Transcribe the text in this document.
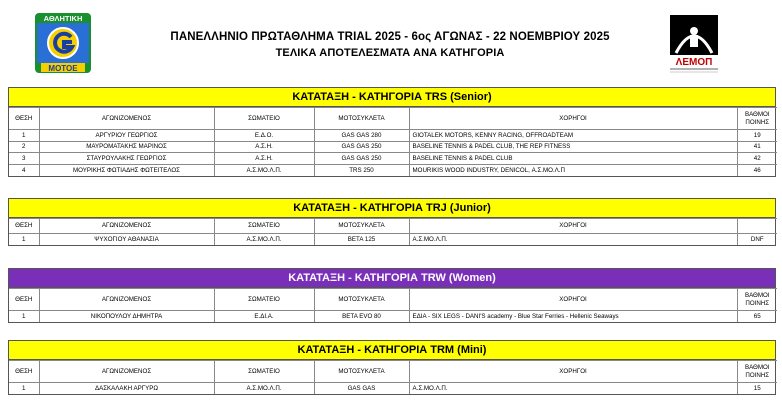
ΑΘΛΗΤΙΚΗ
MOTOE
ΛΕΜΟΠ
ΠΑΝΕΛΛΗΝΙΟ ΠΡΩΤΑΘΛΗΜΑ TRIAL 2025 - 6ος ΑΓΩΝΑΣ - 22 ΝΟΕΜΒΡΙΟΥ 2025
ΤΕΛΙΚΑ ΑΠΟΤΕΛΕΣΜΑΤΑ ΑΝΑ ΚΑΤΗΓΟΡΙΑ
ΚΑΤΑΤΑΞΗ - ΚΑΤΗΓΟΡΙΑ TRS (Senior)
ΘΕΣΗ	ΑΓΩΝΙΖΟΜΕΝΟΣ	ΣΩΜΑΤΕΙΟ	ΜΟΤΟΣΥΚΛΕΤΑ	ΧΟΡΗΓΟΙ	ΒΑΘΜΟΙ
ΠΟΙΝΗΣ
1	ΑΡΓΥΡΙΟΥ ΓΕΩΡΓΙΟΣ	Ε.Δ.Ο.	GAS GAS 280	GIOTALEK MOTORS, KENNY RACING, OFFROADTEAM	19
2	ΜΑΥΡΟΜΑΤΑΚΗΣ ΜΑΡΙΝΟΣ	Α.Σ.Η.	GAS GAS 250	BASELINE TENNIS & PADEL CLUB, THE REP FITNESS	41
3	ΣΤΑΥΡΟΥΛΑΚΗΣ ΓΕΩΡΓΙΟΣ	Α.Σ.Η.	GAS GAS 250	BASELINE TENNIS & PADEL CLUB	42
4	ΜΟΥΡΙΚΗΣ ΦΩΤΙΑΔΗΣ ΦΩΤΕΙΤΕΛΟΣ	Α.Σ.ΜΟ.Λ.Π.	TRS 250	MOURIKIS WOOD INDUSTRY, DENICOL, Α.Σ.ΜΟ.Λ.Π	46
ΚΑΤΑΤΑΞΗ - ΚΑΤΗΓΟΡΙΑ TRJ (Junior)
ΘΕΣΗ	ΑΓΩΝΙΖΟΜΕΝΟΣ	ΣΩΜΑΤΕΙΟ	ΜΟΤΟΣΥΚΛΕΤΑ	ΧΟΡΗΓΟΙ	
1	ΨΥΧΟΓΙΟΥ ΑΘΑΝΑΣΙΑ	Α.Σ.ΜΟ.Λ.Π.	BETA 125	Α.Σ.ΜΟ.Λ.Π.	DNF
ΚΑΤΑΤΑΞΗ - ΚΑΤΗΓΟΡΙΑ TRW (Women)
ΘΕΣΗ	ΑΓΩΝΙΖΟΜΕΝΟΣ	ΣΩΜΑΤΕΙΟ	ΜΟΤΟΣΥΚΛΕΤΑ	ΧΟΡΗΓΟΙ	ΒΑΘΜΟΙ
ΠΟΙΝΗΣ
1	ΝΙΚΟΠΟΥΛΟΥ ΔΗΜΗΤΡΑ	Ε.ΔΙ.Α.	BETA EVO 80	ΕΔΙΑ - SIX LEGS - DANI'S academy - Blue Star Ferries - Hellenic Seaways	65
ΚΑΤΑΤΑΞΗ - ΚΑΤΗΓΟΡΙΑ TRM (Mini)
ΘΕΣΗ	ΑΓΩΝΙΖΟΜΕΝΟΣ	ΣΩΜΑΤΕΙΟ	ΜΟΤΟΣΥΚΛΕΤΑ	ΧΟΡΗΓΟΙ	ΒΑΘΜΟΙ
ΠΟΙΝΗΣ
1	ΔΑΣΚΑΛΑΚΗ ΑΡΓΥΡΩ	Α.Σ.ΜΟ.Λ.Π.	GAS GAS	Α.Σ.ΜΟ.Λ.Π.	15
